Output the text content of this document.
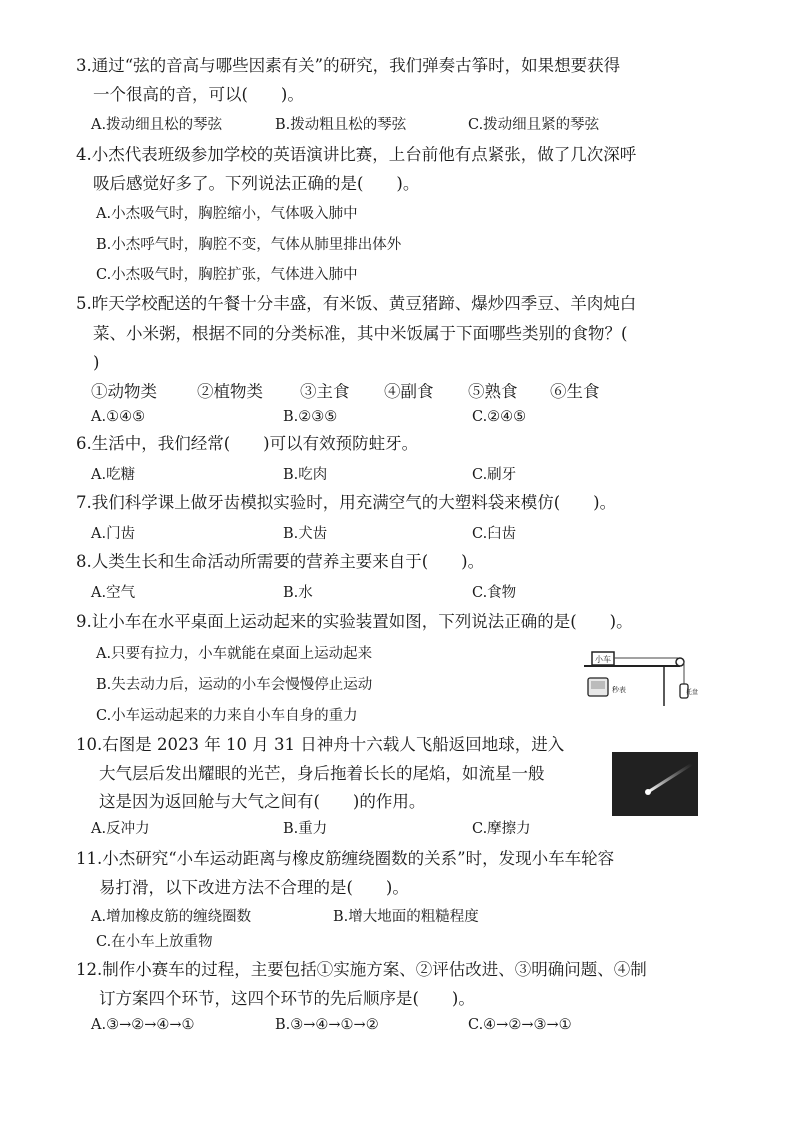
3.通过“弦的音高与哪些因素有关”的研究，我们弹奏古筝时，如果想要获得
一个很高的音，可以(　　)。
A.拨动细且松的琴弦	B.拨动粗且松的琴弦	C.拨动细且紧的琴弦
4.小杰代表班级参加学校的英语演讲比赛，上台前他有点紧张，做了几次深呼
吸后感觉好多了。下列说法正确的是(　　)。
A.小杰吸气时，胸腔缩小，气体吸入肺中
B.小杰呼气时，胸腔不变，气体从肺里排出体外
C.小杰吸气时，胸腔扩张，气体进入肺中
5.昨天学校配送的午餐十分丰盛，有米饭、黄豆猪蹄、爆炒四季豆、羊肉炖白
菜、小米粥，根据不同的分类标准，其中米饭属于下面哪些类别的食物？(
)
①动物类 ②植物类 ③主食 ④副食 ⑤熟食 ⑥生食
A.①④⑤	B.②③⑤	C.②④⑤
6.生活中，我们经常(　　)可以有效预防蛀牙。
A.吃糖	B.吃肉	C.刷牙
7.我们科学课上做牙齿模拟实验时，用充满空气的大塑料袋来模仿(　　)。
A.门齿	B.犬齿	C.臼齿
8.人类生长和生命活动所需要的营养主要来自于(　　)。
A.空气	B.水	C.食物
9.让小车在水平桌面上运动起来的实验装置如图，下列说法正确的是(　　)。
A.只要有拉力，小车就能在桌面上运动起来
B.失去动力后，运动的小车会慢慢停止运动
C.小车运动起来的力来自小车自身的重力
小车
托盘
秒表
10.右图是 2023 年 10 月 31 日神舟十六载人飞船返回地球，进入
大气层后发出耀眼的光芒，身后拖着长长的尾焰，如流星一般
这是因为返回舱与大气之间有(　　)的作用。
A.反冲力	B.重力	C.摩擦力
11.小杰研究“小车运动距离与橡皮筋缠绕圈数的关系”时，发现小车车轮容
易打滑，以下改进方法不合理的是(　　)。
A.增加橡皮筋的缠绕圈数	B.增大地面的粗糙程度
C.在小车上放重物
12.制作小赛车的过程，主要包括①实施方案、②评估改进、③明确问题、④制
订方案四个环节，这四个环节的先后顺序是(　　)。
A.③→②→④→①	B.③→④→①→②	C.④→②→③→①
